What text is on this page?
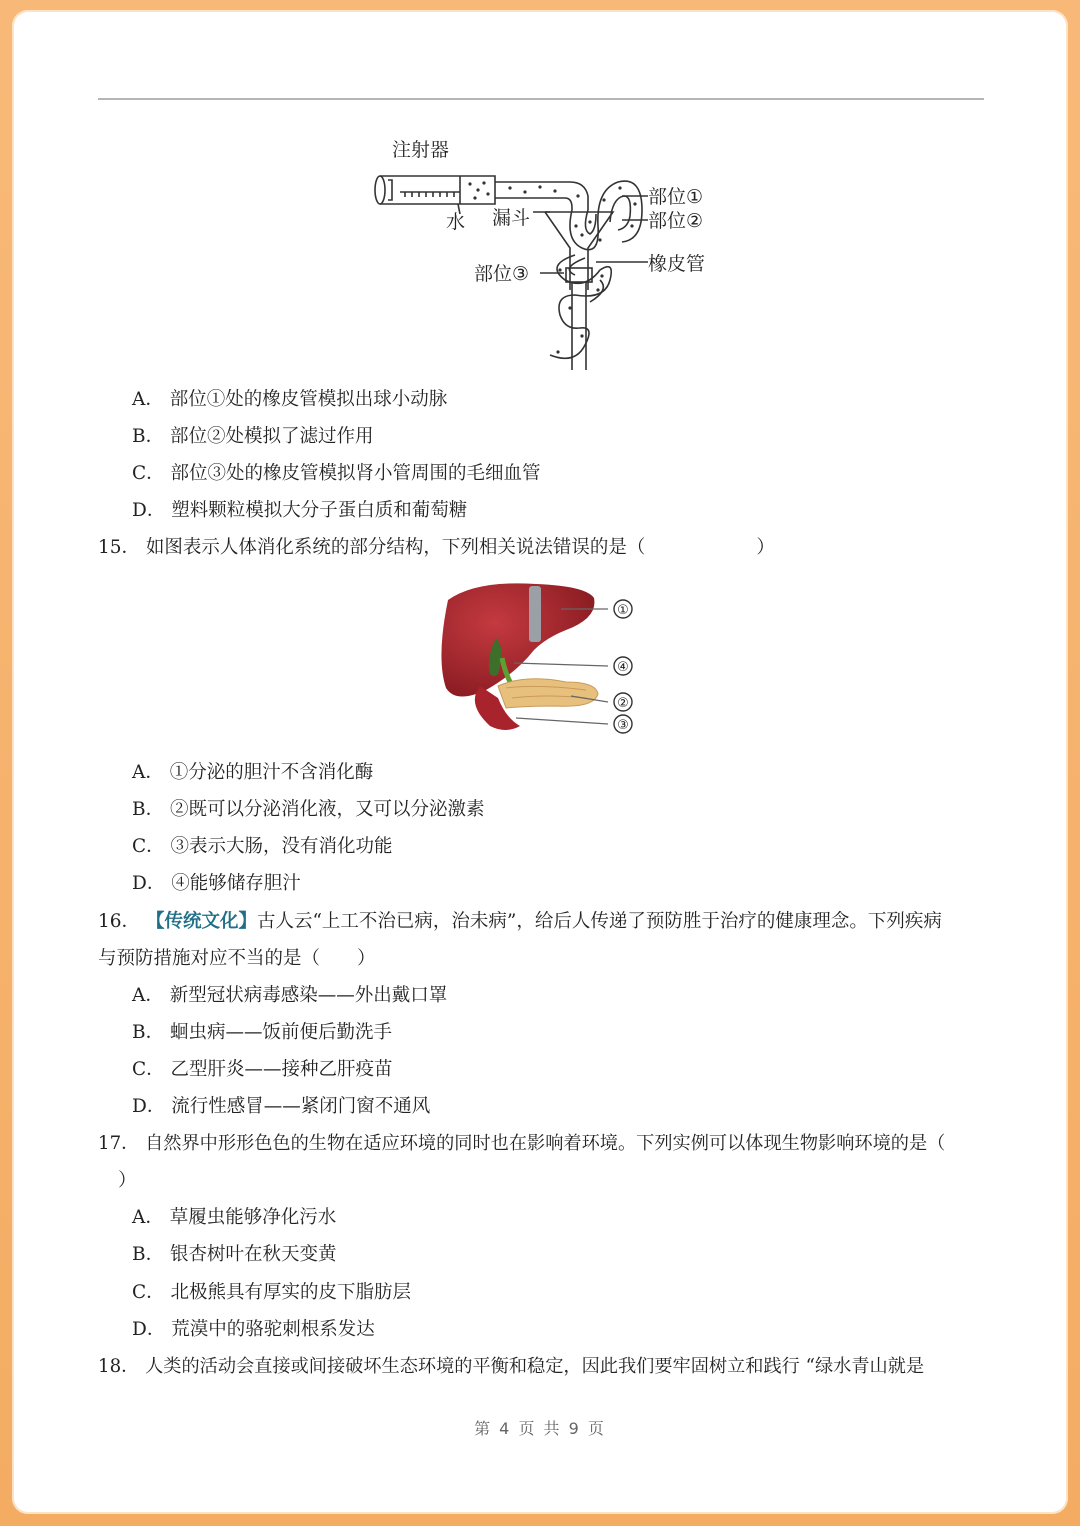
注射器
水 漏斗
部位①
部位②
部位③	橡皮管
A． 部位①处的橡皮管模拟出球小动脉
B． 部位②处模拟了滤过作用
C． 部位③处的橡皮管模拟肾小管周围的毛细血管
D． 塑料颗粒模拟大分子蛋白质和葡萄糖
15． 如图表示人体消化系统的部分结构，下列相关说法错误的是（　　　　　　）
①
④
②
③
A． ①分泌的胆汁不含消化酶
B． ②既可以分泌消化液，又可以分泌激素
C． ③表示大肠，没有消化功能
D． ④能够储存胆汁
16． 【传统文化】古人云“上工不治已病，治未病”，给后人传递了预防胜于治疗的健康理念。下列疾病
与预防措施对应不当的是（　　）
A． 新型冠状病毒感染——外出戴口罩
B． 蛔虫病——饭前便后勤洗手
C． 乙型肝炎——接种乙肝疫苗
D． 流行性感冒——紧闭门窗不通风
17． 自然界中形形色色的生物在适应环境的同时也在影响着环境。下列实例可以体现生物影响环境的是（
）
A． 草履虫能够净化污水
B． 银杏树叶在秋天变黄
C． 北极熊具有厚实的皮下脂肪层
D． 荒漠中的骆驼刺根系发达
18． 人类的活动会直接或间接破坏生态环境的平衡和稳定，因此我们要牢固树立和践行 “绿水青山就是
第 4 页 共 9 页
